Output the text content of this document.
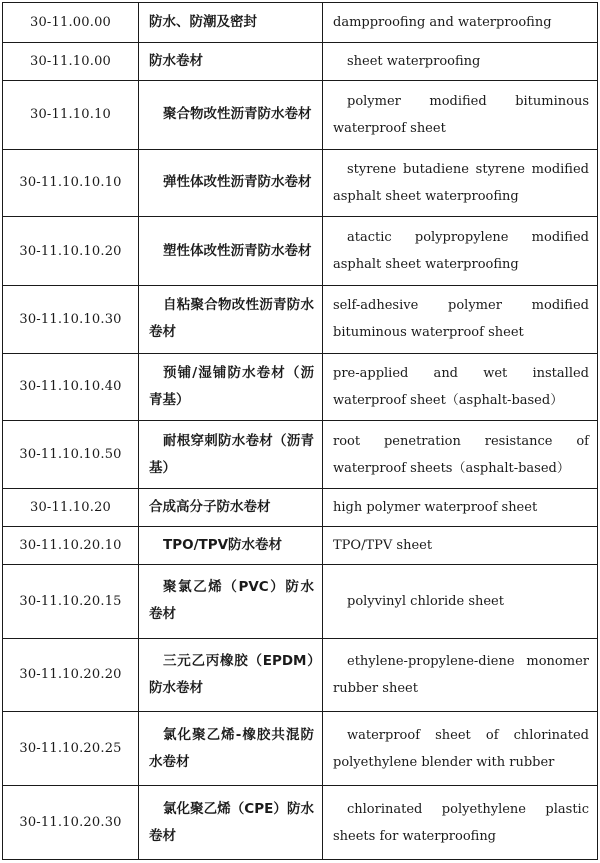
30-11.00.00	防水、防潮及密封	dampproofing and waterproofing
30-11.10.00	防水卷材	sheet waterproofing
30-11.10.10	聚合物改性沥青防水卷材	polymer modified bituminous waterproof sheet
30-11.10.10.10	弹性体改性沥青防水卷材	styrene butadiene styrene modified asphalt sheet waterproofing
30-11.10.10.20	塑性体改性沥青防水卷材	atactic polypropylene modified asphalt sheet waterproofing
30-11.10.10.30	自粘聚合物改性沥青防水卷材	self-adhesive polymer modified bituminous waterproof sheet
30-11.10.10.40	预铺/湿铺防水卷材（沥青基）	pre-applied and wet installed waterproof sheet（asphalt-based）
30-11.10.10.50	耐根穿刺防水卷材（沥青基）	root penetration resistance of waterproof sheets（asphalt-based）
30-11.10.20	合成高分子防水卷材	high polymer waterproof sheet
30-11.10.20.10	TPO/TPV防水卷材	TPO/TPV sheet
30-11.10.20.15	聚氯乙烯（PVC）防水卷材	polyvinyl chloride sheet
30-11.10.20.20	三元乙丙橡胶（EPDM）防水卷材	ethylene-propylene-diene monomer rubber sheet
30-11.10.20.25	氯化聚乙烯-橡胶共混防水卷材	waterproof sheet of chlorinated polyethylene blender with rubber
30-11.10.20.30	氯化聚乙烯（CPE）防水卷材	chlorinated polyethylene plastic sheets for waterproofing
